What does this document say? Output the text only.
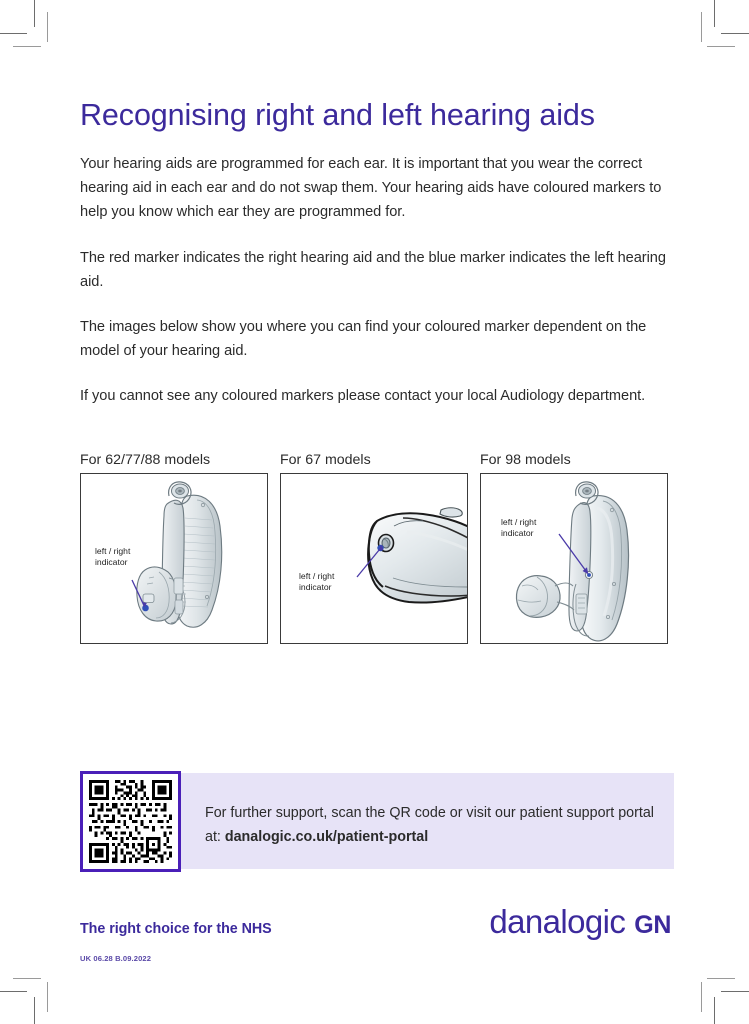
Recognising right and left hearing aids

Your hearing aids are programmed for each ear. It is important that you wear the correct hearing aid in each ear and do not swap them. Your hearing aids have coloured markers to help you know which ear they are programmed for.

The red marker indicates the right hearing aid and the blue marker indicates the left hearing aid.

The images below show you where you can find your coloured marker dependent on the model of your hearing aid.

If you cannot see any coloured markers please contact your local Audiology department.

For 62/77/88 models
left / right
indicator
For 67 models
left / right
indicator
For 98 models
left / right
indicator
For further support, scan the QR code or visit our patient support portal at: danalogic.co.uk/patient-portal
The right choice for the NHS
UK 06.28 B.09.2022
danalogic GN
